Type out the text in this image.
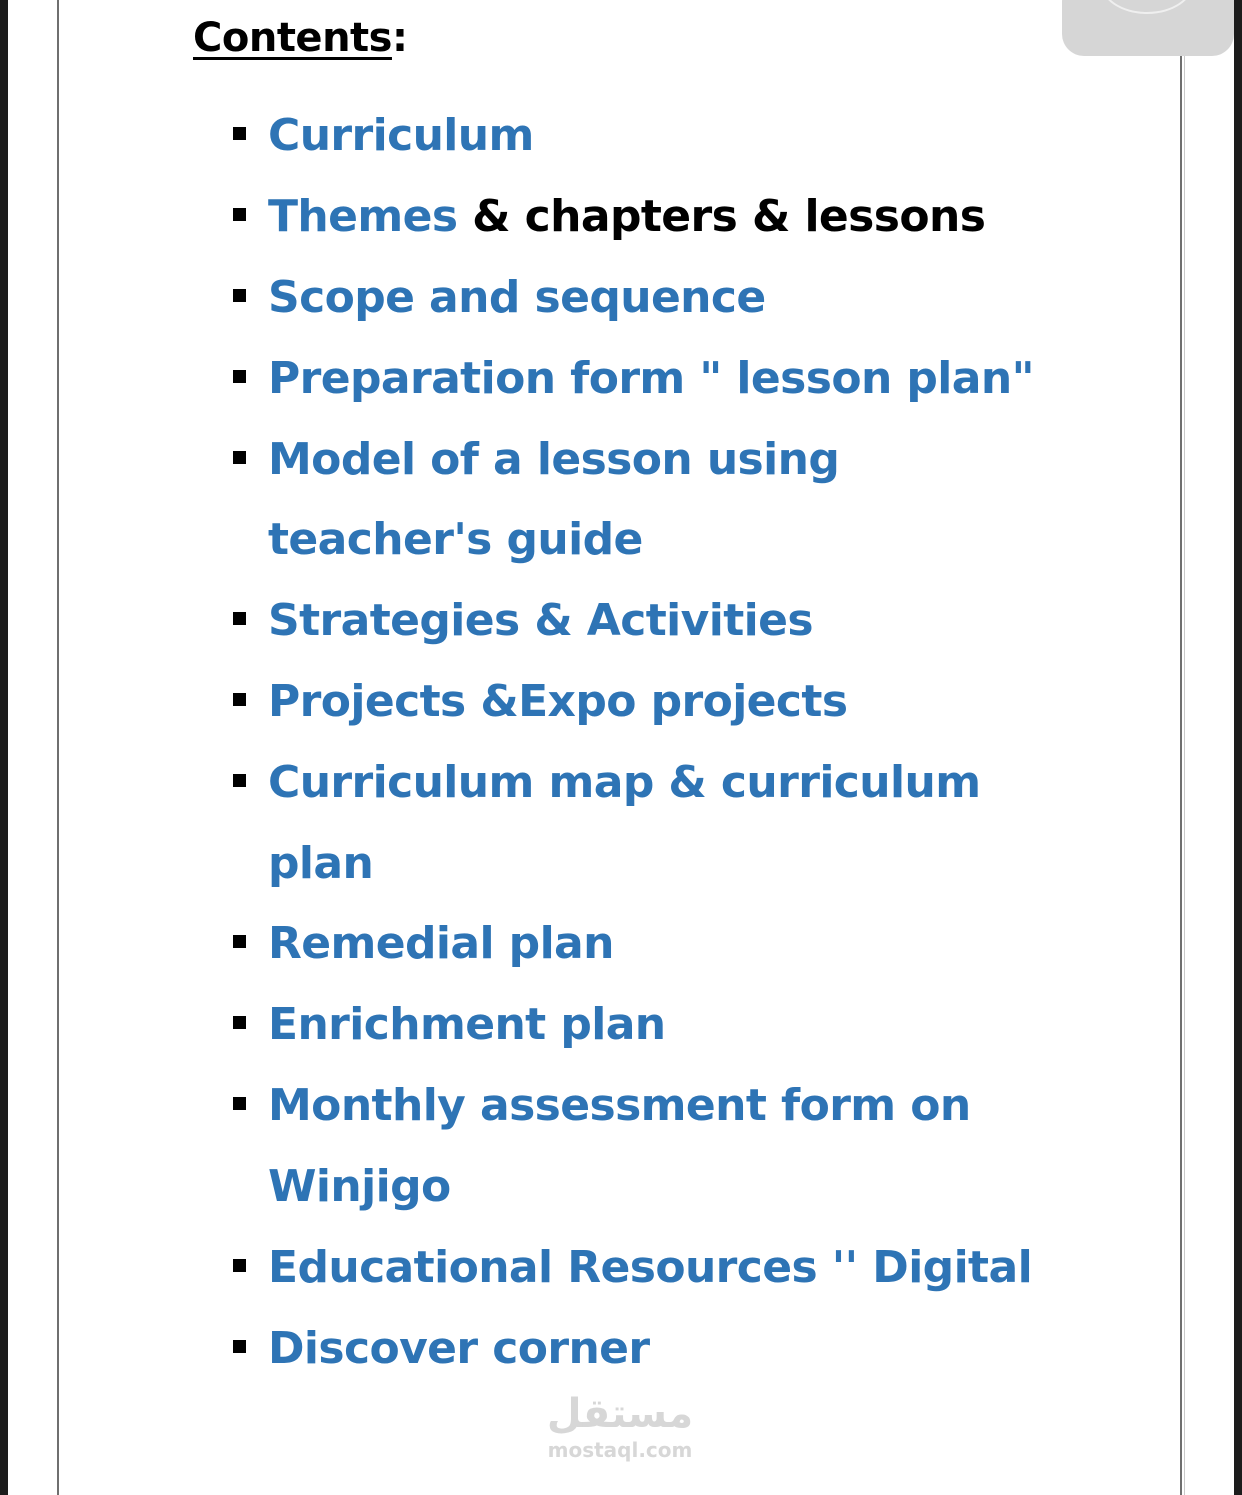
Contents:
Curriculum
Themes & chapters & lessons
Scope and sequence
Preparation form " lesson plan"
Model of a lesson using
teacher's guide
Strategies & Activities
Projects &Expo projects
Curriculum map & curriculum
plan
Remedial plan
Enrichment plan
Monthly assessment form on
Winjigo
Educational Resources '' Digital
Discover corner
مستقل
mostaql.com
